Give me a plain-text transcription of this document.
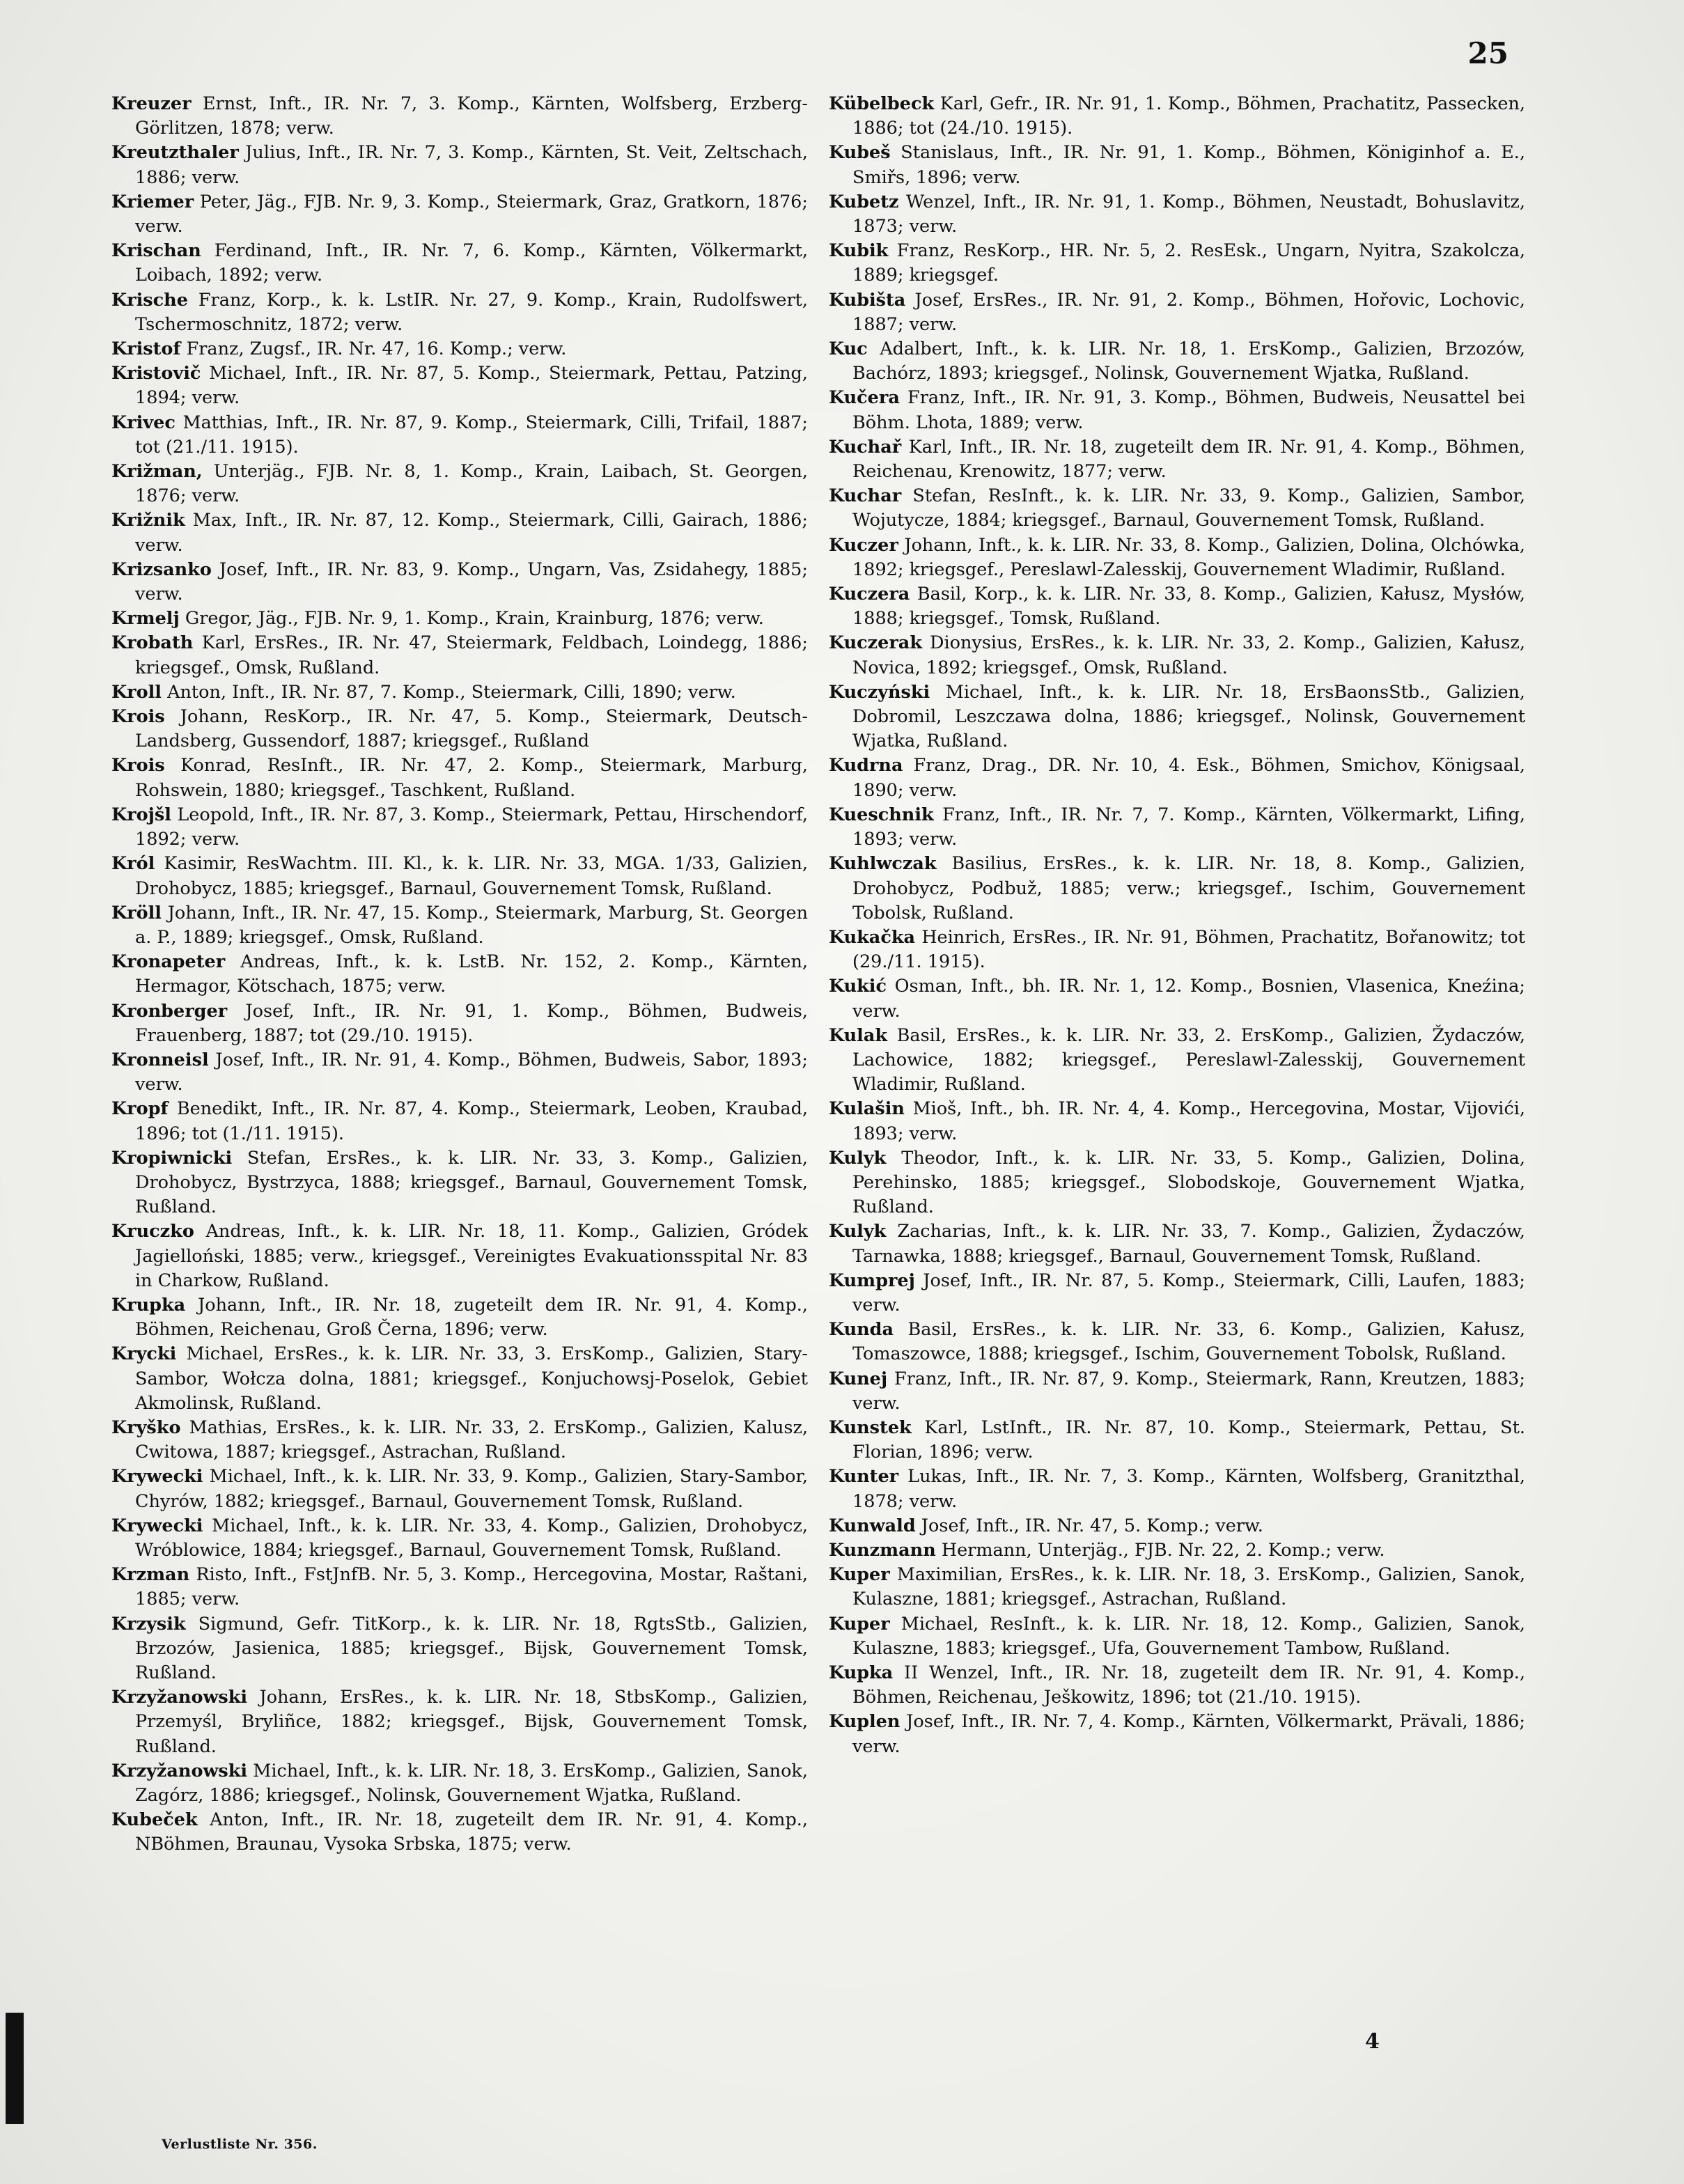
25
Kreuzer Ernst, Inft., IR. Nr. 7, 3. Komp., Kärnten, Wolfsberg, Erzberg-Görlitzen, 1878; verw.
Kreutzthaler Julius, Inft., IR. Nr. 7, 3. Komp., Kärnten, St. Veit, Zeltschach, 1886; verw.
Kriemer Peter, Jäg., FJB. Nr. 9, 3. Komp., Steiermark, Graz, Gratkorn, 1876; verw.
Krischan Ferdinand, Inft., IR. Nr. 7, 6. Komp., Kärnten, Völkermarkt, Loibach, 1892; verw.
Krische Franz, Korp., k. k. LstIR. Nr. 27, 9. Komp., Krain, Rudolfswert, Tschermoschnitz, 1872; verw.
Kristof Franz, Zugsf., IR. Nr. 47, 16. Komp.; verw.
Kristovič Michael, Inft., IR. Nr. 87, 5. Komp., Steiermark, Pettau, Patzing, 1894; verw.
Krivec Matthias, Inft., IR. Nr. 87, 9. Komp., Steiermark, Cilli, Trifail, 1887; tot (21./11. 1915).
Križman, Unterjäg., FJB. Nr. 8, 1. Komp., Krain, Laibach, St. Georgen, 1876; verw.
Križnik Max, Inft., IR. Nr. 87, 12. Komp., Steiermark, Cilli, Gairach, 1886; verw.
Krizsanko Josef, Inft., IR. Nr. 83, 9. Komp., Ungarn, Vas, Zsidahegy, 1885; verw.
Krmelj Gregor, Jäg., FJB. Nr. 9, 1. Komp., Krain, Krainburg, 1876; verw.
Krobath Karl, ErsRes., IR. Nr. 47, Steiermark, Feldbach, Loindegg, 1886; kriegsgef., Omsk, Rußland.
Kroll Anton, Inft., IR. Nr. 87, 7. Komp., Steiermark, Cilli, 1890; verw.
Krois Johann, ResKorp., IR. Nr. 47, 5. Komp., Steiermark, Deutsch-Landsberg, Gussendorf, 1887; kriegsgef., Rußland
Krois Konrad, ResInft., IR. Nr. 47, 2. Komp., Steiermark, Marburg, Rohswein, 1880; kriegsgef., Taschkent, Rußland.
Krojšl Leopold, Inft., IR. Nr. 87, 3. Komp., Steiermark, Pettau, Hirschendorf, 1892; verw.
Król Kasimir, ResWachtm. III. Kl., k. k. LIR. Nr. 33, MGA. 1/33, Galizien, Drohobycz, 1885; kriegsgef., Barnaul, Gouvernement Tomsk, Rußland.
Kröll Johann, Inft., IR. Nr. 47, 15. Komp., Steiermark, Marburg, St. Georgen a. P., 1889; kriegsgef., Omsk, Rußland.
Kronapeter Andreas, Inft., k. k. LstB. Nr. 152, 2. Komp., Kärnten, Hermagor, Kötschach, 1875; verw.
Kronberger Josef, Inft., IR. Nr. 91, 1. Komp., Böhmen, Budweis, Frauenberg, 1887; tot (29./10. 1915).
Kronneisl Josef, Inft., IR. Nr. 91, 4. Komp., Böhmen, Budweis, Sabor, 1893; verw.
Kropf Benedikt, Inft., IR. Nr. 87, 4. Komp., Steiermark, Leoben, Kraubad, 1896; tot (1./11. 1915).
Kropiwnicki Stefan, ErsRes., k. k. LIR. Nr. 33, 3. Komp., Galizien, Drohobycz, Bystrzyca, 1888; kriegsgef., Barnaul, Gouvernement Tomsk, Rußland.
Kruczko Andreas, Inft., k. k. LIR. Nr. 18, 11. Komp., Galizien, Gródek Jagielloński, 1885; verw., kriegsgef., Vereinigtes Evakuationsspital Nr. 83 in Charkow, Rußland.
Krupka Johann, Inft., IR. Nr. 18, zugeteilt dem IR. Nr. 91, 4. Komp., Böhmen, Reichenau, Groß Černa, 1896; verw.
Krycki Michael, ErsRes., k. k. LIR. Nr. 33, 3. ErsKomp., Galizien, Stary-Sambor, Wołcza dolna, 1881; kriegsgef., Konjuchowsj-Poselok, Gebiet Akmolinsk, Rußland.
Kryško Mathias, ErsRes., k. k. LIR. Nr. 33, 2. ErsKomp., Galizien, Kalusz, Cwitowa, 1887; kriegsgef., Astrachan, Rußland.
Krywecki Michael, Inft., k. k. LIR. Nr. 33, 9. Komp., Galizien, Stary-Sambor, Chyrów, 1882; kriegsgef., Barnaul, Gouvernement Tomsk, Rußland.
Krywecki Michael, Inft., k. k. LIR. Nr. 33, 4. Komp., Galizien, Drohobycz, Wróblowice, 1884; kriegsgef., Barnaul, Gouvernement Tomsk, Rußland.
Krzman Risto, Inft., FstJnfB. Nr. 5, 3. Komp., Hercegovina, Mostar, Raštani, 1885; verw.
Krzysik Sigmund, Gefr. TitKorp., k. k. LIR. Nr. 18, RgtsStb., Galizien, Brzozów, Jasienica, 1885; kriegsgef., Bijsk, Gouvernement Tomsk, Rußland.
Krzyžanowski Johann, ErsRes., k. k. LIR. Nr. 18, StbsKomp., Galizien, Przemyśl, Bryliñce, 1882; kriegsgef., Bijsk, Gouvernement Tomsk, Rußland.
Krzyžanowski Michael, Inft., k. k. LIR. Nr. 18, 3. ErsKomp., Galizien, Sanok, Zagórz, 1886; kriegsgef., Nolinsk, Gouvernement Wjatka, Rußland.
Kubeček Anton, Inft., IR. Nr. 18, zugeteilt dem IR. Nr. 91, 4. Komp., NBöhmen, Braunau, Vysoka Srbska, 1875; verw.
Kübelbeck Karl, Gefr., IR. Nr. 91, 1. Komp., Böhmen, Prachatitz, Passecken, 1886; tot (24./10. 1915).
Kubeš Stanislaus, Inft., IR. Nr. 91, 1. Komp., Böhmen, Königinhof a. E., Smiřs, 1896; verw.
Kubetz Wenzel, Inft., IR. Nr. 91, 1. Komp., Böhmen, Neustadt, Bohuslavitz, 1873; verw.
Kubik Franz, ResKorp., HR. Nr. 5, 2. ResEsk., Ungarn, Nyitra, Szakolcza, 1889; kriegsgef.
Kubišta Josef, ErsRes., IR. Nr. 91, 2. Komp., Böhmen, Hořovic, Lochovic, 1887; verw.
Kuc Adalbert, Inft., k. k. LIR. Nr. 18, 1. ErsKomp., Galizien, Brzozów, Bachórz, 1893; kriegsgef., Nolinsk, Gouvernement Wjatka, Rußland.
Kučera Franz, Inft., IR. Nr. 91, 3. Komp., Böhmen, Budweis, Neusattel bei Böhm. Lhota, 1889; verw.
Kuchař Karl, Inft., IR. Nr. 18, zugeteilt dem IR. Nr. 91, 4. Komp., Böhmen, Reichenau, Krenowitz, 1877; verw.
Kuchar Stefan, ResInft., k. k. LIR. Nr. 33, 9. Komp., Galizien, Sambor, Wojutycze, 1884; kriegsgef., Barnaul, Gouvernement Tomsk, Rußland.
Kuczer Johann, Inft., k. k. LIR. Nr. 33, 8. Komp., Galizien, Dolina, Olchówka, 1892; kriegsgef., Pereslawl-Zalesskij, Gouvernement Wladimir, Rußland.
Kuczera Basil, Korp., k. k. LIR. Nr. 33, 8. Komp., Galizien, Kałusz, Mysłów, 1888; kriegsgef., Tomsk, Rußland.
Kuczerak Dionysius, ErsRes., k. k. LIR. Nr. 33, 2. Komp., Galizien, Kałusz, Novica, 1892; kriegsgef., Omsk, Rußland.
Kuczyński Michael, Inft., k. k. LIR. Nr. 18, ErsBaonsStb., Galizien, Dobromil, Leszczawa dolna, 1886; kriegsgef., Nolinsk, Gouvernement Wjatka, Rußland.
Kudrna Franz, Drag., DR. Nr. 10, 4. Esk., Böhmen, Smichov, Königsaal, 1890; verw.
Kueschnik Franz, Inft., IR. Nr. 7, 7. Komp., Kärnten, Völkermarkt, Lifing, 1893; verw.
Kuhlwczak Basilius, ErsRes., k. k. LIR. Nr. 18, 8. Komp., Galizien, Drohobycz, Podbuž, 1885; verw.; kriegsgef., Ischim, Gouvernement Tobolsk, Rußland.
Kukačka Heinrich, ErsRes., IR. Nr. 91, Böhmen, Prachatitz, Bořanowitz; tot (29./11. 1915).
Kukić Osman, Inft., bh. IR. Nr. 1, 12. Komp., Bosnien, Vlasenica, Kneźina; verw.
Kulak Basil, ErsRes., k. k. LIR. Nr. 33, 2. ErsKomp., Galizien, Žydaczów, Lachowice, 1882; kriegsgef., Pereslawl-Zalesskij, Gouvernement Wladimir, Rußland.
Kulašin Mioš, Inft., bh. IR. Nr. 4, 4. Komp., Hercegovina, Mostar, Vijovići, 1893; verw.
Kulyk Theodor, Inft., k. k. LIR. Nr. 33, 5. Komp., Galizien, Dolina, Perehinsko, 1885; kriegsgef., Slobodskoje, Gouvernement Wjatka, Rußland.
Kulyk Zacharias, Inft., k. k. LIR. Nr. 33, 7. Komp., Galizien, Žydaczów, Tarnawka, 1888; kriegsgef., Barnaul, Gouvernement Tomsk, Rußland.
Kumprej Josef, Inft., IR. Nr. 87, 5. Komp., Steiermark, Cilli, Laufen, 1883; verw.
Kunda Basil, ErsRes., k. k. LIR. Nr. 33, 6. Komp., Galizien, Kałusz, Tomaszowce, 1888; kriegsgef., Ischim, Gouvernement Tobolsk, Rußland.
Kunej Franz, Inft., IR. Nr. 87, 9. Komp., Steiermark, Rann, Kreutzen, 1883; verw.
Kunstek Karl, LstInft., IR. Nr. 87, 10. Komp., Steiermark, Pettau, St. Florian, 1896; verw.
Kunter Lukas, Inft., IR. Nr. 7, 3. Komp., Kärnten, Wolfsberg, Granitzthal, 1878; verw.
Kunwald Josef, Inft., IR. Nr. 47, 5. Komp.; verw.
Kunzmann Hermann, Unterjäg., FJB. Nr. 22, 2. Komp.; verw.
Kuper Maximilian, ErsRes., k. k. LIR. Nr. 18, 3. ErsKomp., Galizien, Sanok, Kulaszne, 1881; kriegsgef., Astrachan, Rußland.
Kuper Michael, ResInft., k. k. LIR. Nr. 18, 12. Komp., Galizien, Sanok, Kulaszne, 1883; kriegsgef., Ufa, Gouvernement Tambow, Rußland.
Kupka II Wenzel, Inft., IR. Nr. 18, zugeteilt dem IR. Nr. 91, 4. Komp., Böhmen, Reichenau, Ješkowitz, 1896; tot (21./10. 1915).
Kuplen Josef, Inft., IR. Nr. 7, 4. Komp., Kärnten, Völkermarkt, Prävali, 1886; verw.
Verlustliste Nr. 356.
4
